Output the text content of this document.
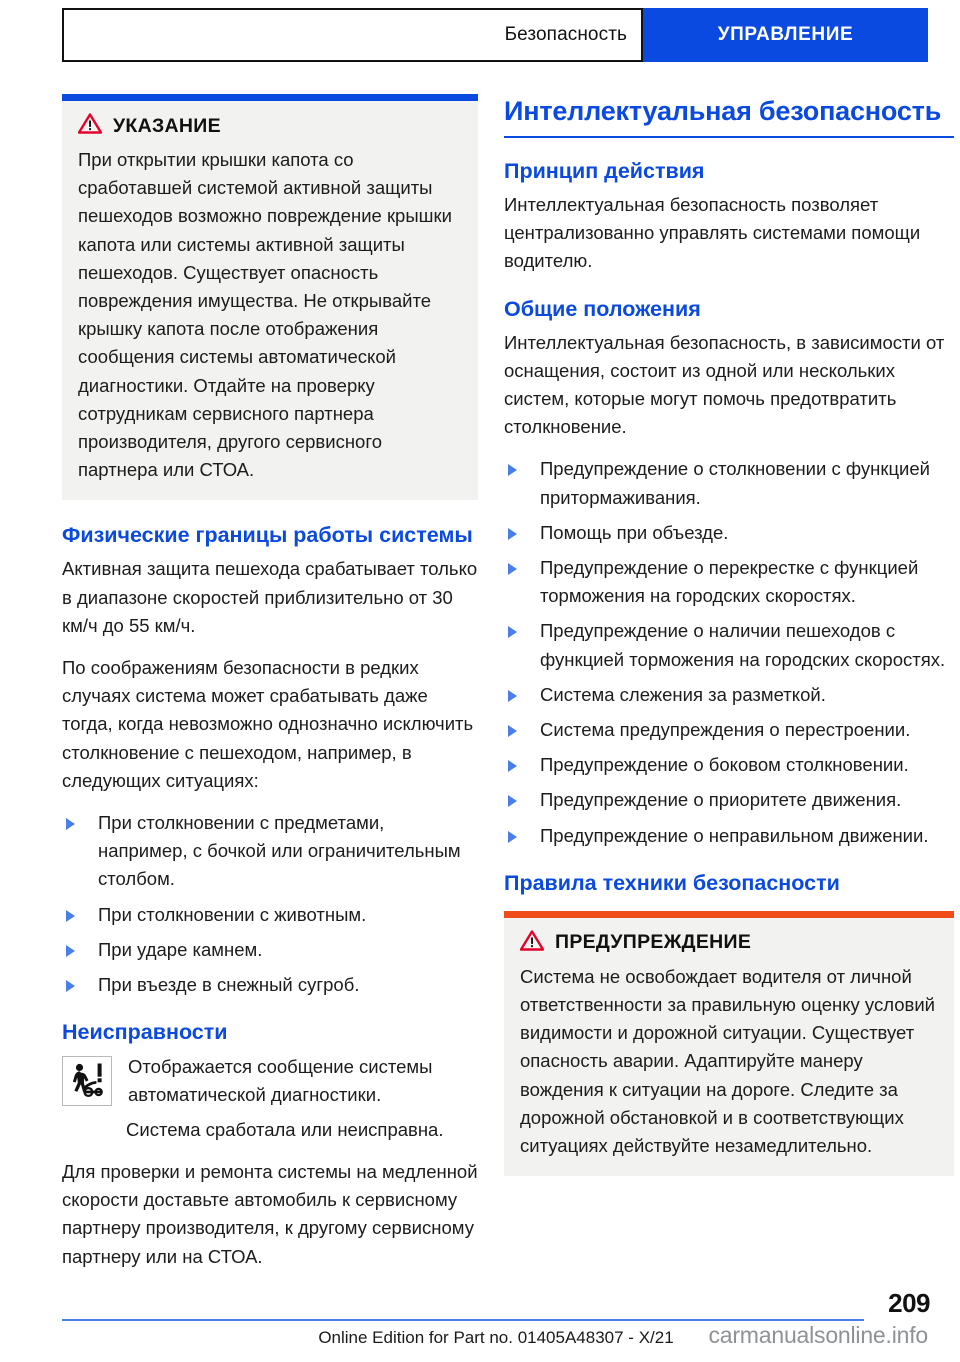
Безопасность	УПРАВЛЕНИЕ
УКАЗАНИЕ

При открытии крышки капота со сработавшей системой активной защиты пешеходов возможно повреждение крышки капота или системы активной защиты пешеходов. Существует опасность повреждения имущества. Не открывайте крышку капота после отображения сообщения системы автоматической диагностики. Отдайте на проверку сотрудникам сервисного партнера производителя, другого сервисного партнера или СТОА.

Физические границы работы системы

Активная защита пешехода срабатывает только в диапазоне скоростей приблизительно от 30 км/ч до 55 км/ч.

По соображениям безопасности в редких случаях система может срабатывать даже тогда, когда невозможно однозначно исключить столкновение с пешеходом, например, в следующих ситуациях:

При столкновении с предметами, например, с бочкой или ограничительным столбом.
При столкновении с животным.
При ударе камнем.
При въезде в снежный сугроб.
Неисправности
Отображается сообщение системы автоматической диагностики.
Система сработала или неисправна.

Для проверки и ремонта системы на медленной скорости доставьте автомобиль к сервисному партнеру производителя, к другому сервисному партнеру или на СТОА.

Интеллектуальная безопасность
Принцип действия

Интеллектуальная безопасность позволяет централизованно управлять системами помощи водителю.

Общие положения

Интеллектуальная безопасность, в зависимости от оснащения, состоит из одной или нескольких систем, которые могут помочь предотвратить столкновение.

Предупреждение о столкновении с функцией притормаживания.
Помощь при объезде.
Предупреждение о перекрестке с функцией торможения на городских скоростях.
Предупреждение о наличии пешеходов с функцией торможения на городских скоростях.
Система слежения за разметкой.
Система предупреждения о перестроении.
Предупреждение о боковом столкновении.
Предупреждение о приоритете движения.
Предупреждение о неправильном движении.
Правила техники безопасности
ПРЕДУПРЕЖДЕНИЕ

Система не освобождает водителя от личной ответственности за правильную оценку условий видимости и дорожной ситуации. Существует опасность аварии. Адаптируйте манеру вождения к ситуации на дороге. Следите за дорожной обстановкой и в соответствующих ситуациях действуйте незамедлительно.

209
Online Edition for Part no. 01405A48307 - X/21	carmanualsonline.info
